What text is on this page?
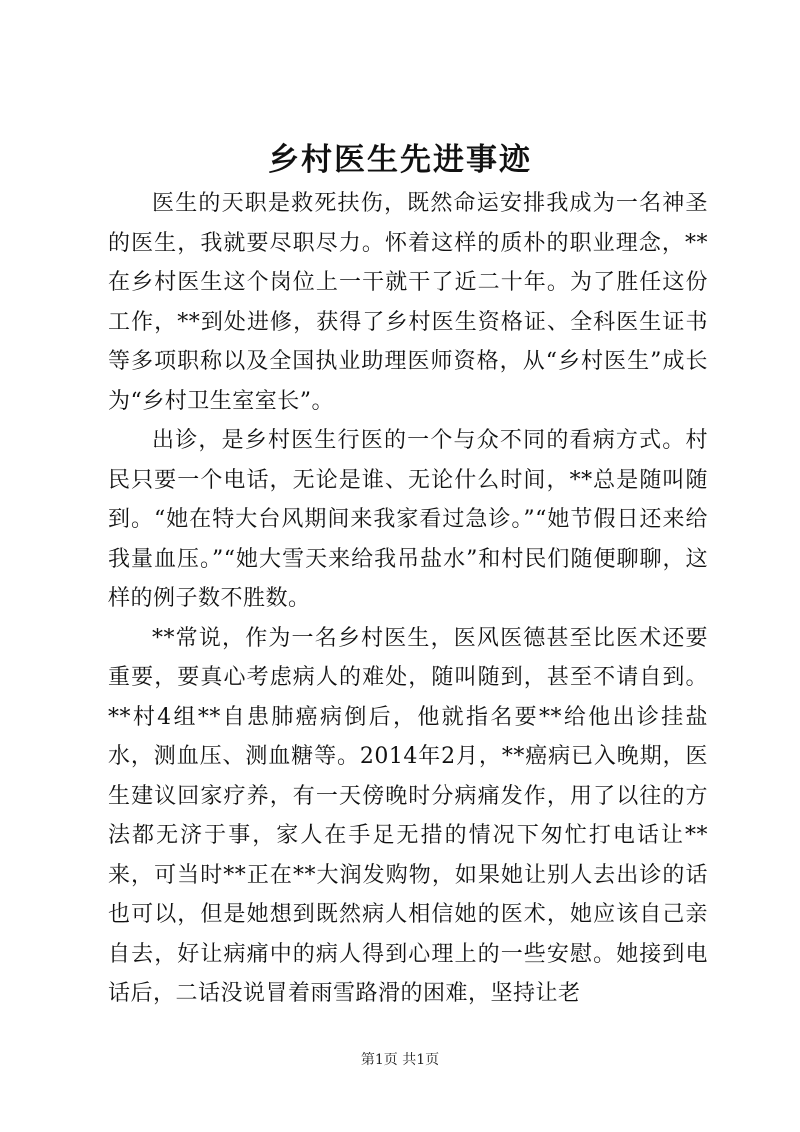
乡村医生先进事迹

医生的天职是救死扶伤，既然命运安排我成为一名神圣的医生，我就要尽职尽力。怀着这样的质朴的职业理念，**在乡村医生这个岗位上一干就干了近二十年。为了胜任这份工作，**到处进修，获得了乡村医生资格证、全科医生证书等多项职称以及全国执业助理医师资格，从“乡村医生”成长为“乡村卫生室室长”。

出诊，是乡村医生行医的一个与众不同的看病方式。村民只要一个电话，无论是谁、无论什么时间，**总是随叫随到。“她在特大台风期间来我家看过急诊。”“她节假日还来给我量血压。”“她大雪天来给我吊盐水”和村民们随便聊聊，这样的例子数不胜数。

**常说，作为一名乡村医生，医风医德甚至比医术还要重要，要真心考虑病人的难处，随叫随到，甚至不请自到。**村4组**自患肺癌病倒后，他就指名要**给他出诊挂盐水，测血压、测血糖等。2014年2月，**癌病已入晚期，医生建议回家疗养，有一天傍晚时分病痛发作，用了以往的方法都无济于事，家人在手足无措的情况下匆忙打电话让**来，可当时**正在**大润发购物，如果她让别人去出诊的话也可以，但是她想到既然病人相信她的医术，她应该自己亲自去，好让病痛中的病人得到心理上的一些安慰。她接到电话后，二话没说冒着雨雪路滑的困难，坚持让老

第1页 共1页
